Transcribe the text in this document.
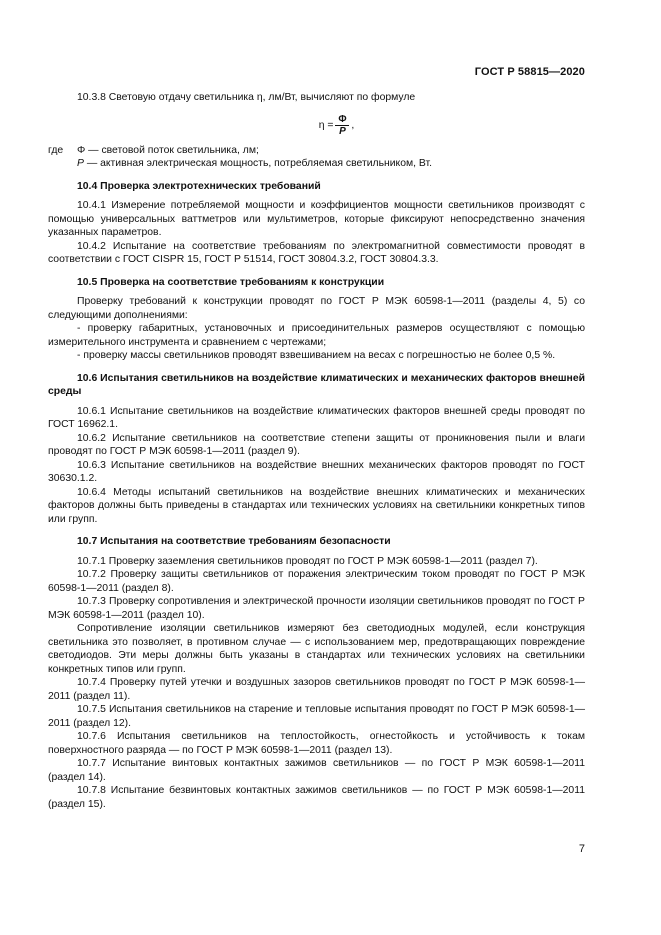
ГОСТ Р 58815—2020

10.3.8 Световую отдачу светильника η, лм/Вт, вычисляют по формуле

$\eta = \frac{\Phi}{P}$ ,
где	Φ — световой поток светильника, лм;
P — активная электрическая мощность, потребляемая светильником, Вт.

10.4 Проверка электротехнических требований

10.4.1 Измерение потребляемой мощности и коэффициентов мощности светильников производят с помощью универсальных ваттметров или мультиметров, которые фиксируют непосредственно значения указанных параметров.

10.4.2 Испытание на соответствие требованиям по электромагнитной совместимости проводят в соответствии с ГОСТ CISPR 15, ГОСТ Р 51514, ГОСТ 30804.3.2, ГОСТ 30804.3.3.

10.5 Проверка на соответствие требованиям к конструкции

Проверку требований к конструкции проводят по ГОСТ Р МЭК 60598-1—2011 (разделы 4, 5) со следующими дополнениями:

- проверку габаритных, установочных и присоединительных размеров осуществляют с помощью измерительного инструмента и сравнением с чертежами;

- проверку массы светильников проводят взвешиванием на весах с погрешностью не более 0,5 %.

10.6 Испытания светильников на воздействие климатических и механических факторов внешней среды

10.6.1 Испытание светильников на воздействие климатических факторов внешней среды проводят по ГОСТ 16962.1.

10.6.2 Испытание светильников на соответствие степени защиты от проникновения пыли и влаги проводят по ГОСТ Р МЭК 60598-1—2011 (раздел 9).

10.6.3 Испытание светильников на воздействие внешних механических факторов проводят по ГОСТ 30630.1.2.

10.6.4 Методы испытаний светильников на воздействие внешних климатических и механических факторов должны быть приведены в стандартах или технических условиях на светильники конкретных типов или групп.

10.7 Испытания на соответствие требованиям безопасности

10.7.1 Проверку заземления светильников проводят по ГОСТ Р МЭК 60598-1—2011 (раздел 7).

10.7.2 Проверку защиты светильников от поражения электрическим током проводят по ГОСТ Р МЭК 60598-1—2011 (раздел 8).

10.7.3 Проверку сопротивления и электрической прочности изоляции светильников проводят по ГОСТ Р МЭК 60598-1—2011 (раздел 10).

Сопротивление изоляции светильников измеряют без светодиодных модулей, если конструкция светильника это позволяет, в противном случае — с использованием мер, предотвращающих повреждение светодиодов. Эти меры должны быть указаны в стандартах или технических условиях на светильники конкретных типов или групп.

10.7.4 Проверку путей утечки и воздушных зазоров светильников проводят по ГОСТ Р МЭК 60598-1—2011 (раздел 11).

10.7.5 Испытания светильников на старение и тепловые испытания проводят по ГОСТ Р МЭК 60598-1—2011 (раздел 12).

10.7.6 Испытания светильников на теплостойкость, огнестойкость и устойчивость к токам поверхностного разряда — по ГОСТ Р МЭК 60598-1—2011 (раздел 13).

10.7.7 Испытание винтовых контактных зажимов светильников — по ГОСТ Р МЭК 60598-1—2011 (раздел 14).

10.7.8 Испытание безвинтовых контактных зажимов светильников — по ГОСТ Р МЭК 60598-1—2011 (раздел 15).

7
